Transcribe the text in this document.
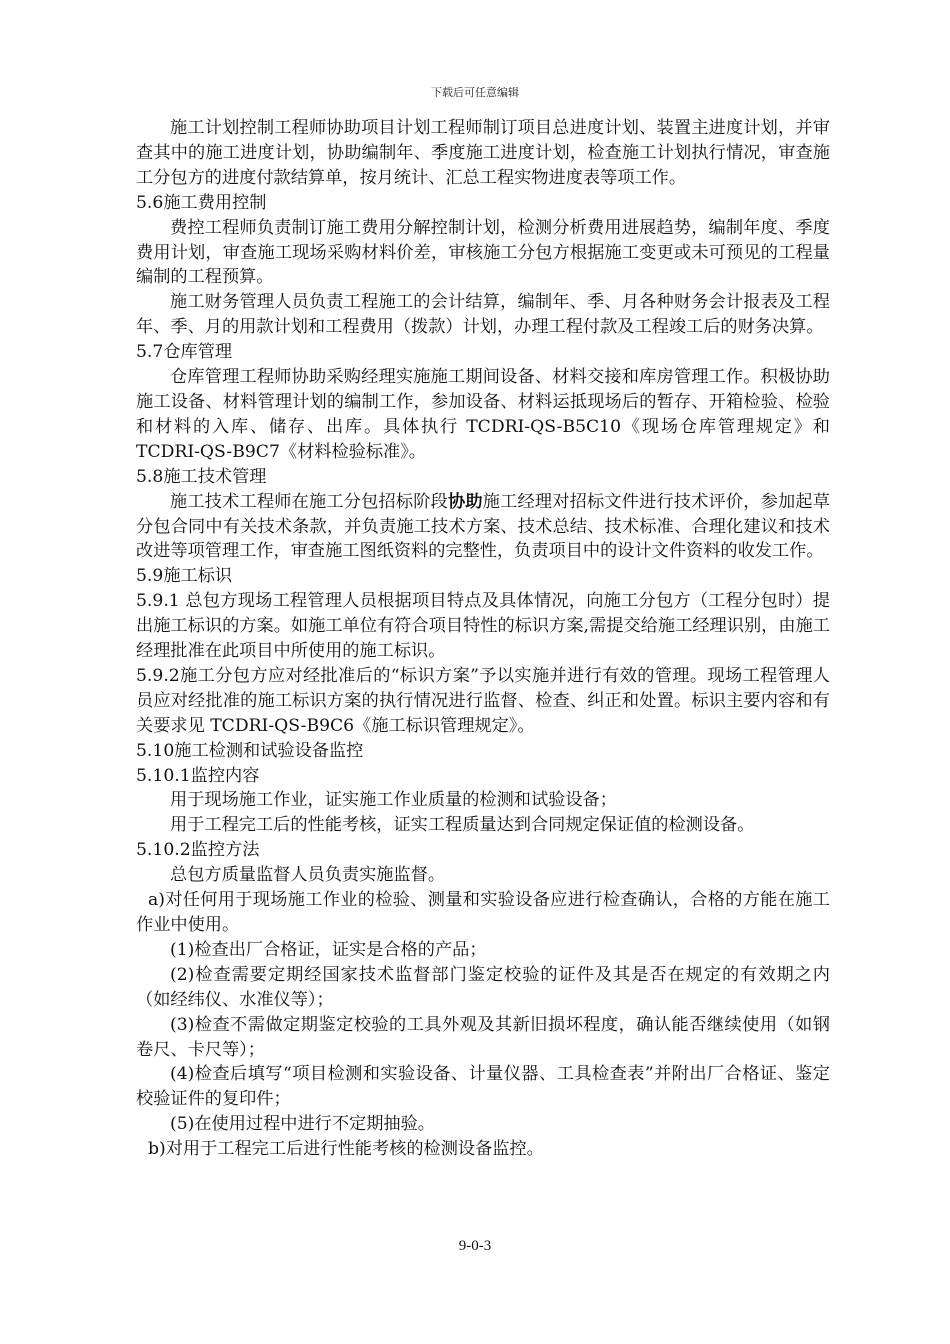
下载后可任意编辑

施工计划控制工程师协助项目计划工程师制订项目总进度计划、装置主进度计划，并审查其中的施工进度计划，协助编制年、季度施工进度计划，检查施工计划执行情况，审查施工分包方的进度付款结算单，按月统计、汇总工程实物进度表等项工作。

5.6施工费用控制

费控工程师负责制订施工费用分解控制计划，检测分析费用进展趋势，编制年度、季度费用计划，审查施工现场采购材料价差，审核施工分包方根据施工变更或未可预见的工程量编制的工程预算。

施工财务管理人员负责工程施工的会计结算，编制年、季、月各种财务会计报表及工程年、季、月的用款计划和工程费用（拨款）计划，办理工程付款及工程竣工后的财务决算。

5.7仓库管理

仓库管理工程师协助采购经理实施施工期间设备、材料交接和库房管理工作。积极协助施工设备、材料管理计划的编制工作，参加设备、材料运抵现场后的暂存、开箱检验、检验和材料的入库、储存、出库。具体执行 TCDRI-QS-B5C10《现场仓库管理规定》和 TCDRI-QS-B9C7《材料检验标准》。

5.8施工技术管理

施工技术工程师在施工分包招标阶段协助施工经理对招标文件进行技术评价，参加起草分包合同中有关技术条款，并负责施工技术方案、技术总结、技术标准、合理化建议和技术改进等项管理工作，审查施工图纸资料的完整性，负责项目中的设计文件资料的收发工作。

5.9施工标识

5.9.1 总包方现场工程管理人员根据项目特点及具体情况，向施工分包方（工程分包时）提出施工标识的方案。如施工单位有符合项目特性的标识方案,需提交给施工经理识别，由施工经理批准在此项目中所使用的施工标识。

5.9.2施工分包方应对经批准后的“标识方案”予以实施并进行有效的管理。现场工程管理人员应对经批准的施工标识方案的执行情况进行监督、检查、纠正和处置。标识主要内容和有关要求见 TCDRI-QS-B9C6《施工标识管理规定》。

5.10施工检测和试验设备监控

5.10.1监控内容

用于现场施工作业，证实施工作业质量的检测和试验设备；

用于工程完工后的性能考核，证实工程质量达到合同规定保证值的检测设备。

5.10.2监控方法

总包方质量监督人员负责实施监督。

a)对任何用于现场施工作业的检验、测量和实验设备应进行检查确认，合格的方能在施工作业中使用。

(1)检查出厂合格证，证实是合格的产品；

(2)检查需要定期经国家技术监督部门鉴定校验的证件及其是否在规定的有效期之内（如经纬仪、水准仪等）；

(3)检查不需做定期鉴定校验的工具外观及其新旧损坏程度，确认能否继续使用（如钢卷尺、卡尺等）；

(4)检查后填写“项目检测和实验设备、计量仪器、工具检查表”并附出厂合格证、鉴定校验证件的复印件；

(5)在使用过程中进行不定期抽验。

b)对用于工程完工后进行性能考核的检测设备监控。

9-0-3
